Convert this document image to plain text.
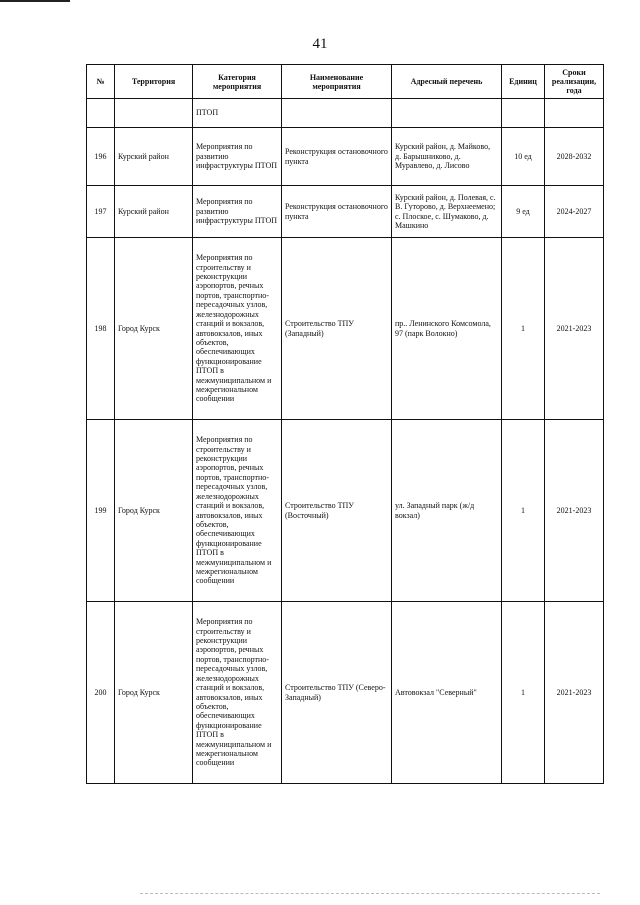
41
№	Территория	Категория мероприятия	Наименование мероприятия	Адресный перечень	Единиц	Сроки реализации, года
		ПТОП				
196	Курский район	Мероприятия по развитию инфраструктуры ПТОП	Реконструкция остановочного пункта	Курский район, д. Майково, д. Барышниково, д. Муравлево, д. Лисово	10 ед	2028-2032
197	Курский район	Мероприятия по развитию инфраструктуры ПТОП	Реконструкция остановочного пункта	Курский район, д. Полевая, с. В. Гуторово, д. Верхнеемено; с. Плоское, с. Шумаково, д. Машкино	9 ед	2024-2027
198	Город Курск	Мероприятия по строительству и реконструкции аэропортов, речных портов, транспортно-пересадочных узлов, железнодорожных станций и вокзалов, автовокзалов, иных объектов, обеспечивающих функционирование ПТОП в межмуниципальном и межрегиональном сообщении	Строительство ТПУ (Западный)	пр.. Ленинского Комсомола, 97 (парк Волокно)	1	2021-2023
199	Город Курск	Мероприятия по строительству и реконструкции аэропортов, речных портов, транспортно-пересадочных узлов, железнодорожных станций и вокзалов, автовокзалов, иных объектов, обеспечивающих функционирование ПТОП в межмуниципальном и межрегиональном сообщении	Строительство ТПУ (Восточный)	ул. Западный парк (ж/д вокзал)	1	2021-2023
200	Город Курск	Мероприятия по строительству и реконструкции аэропортов, речных портов, транспортно-пересадочных узлов, железнодорожных станций и вокзалов, автовокзалов, иных объектов, обеспечивающих функционирование ПТОП в межмуниципальном и межрегиональном сообщении	Строительство ТПУ (Северо-Западный)	Автовокзал "Северный"	1	2021-2023
